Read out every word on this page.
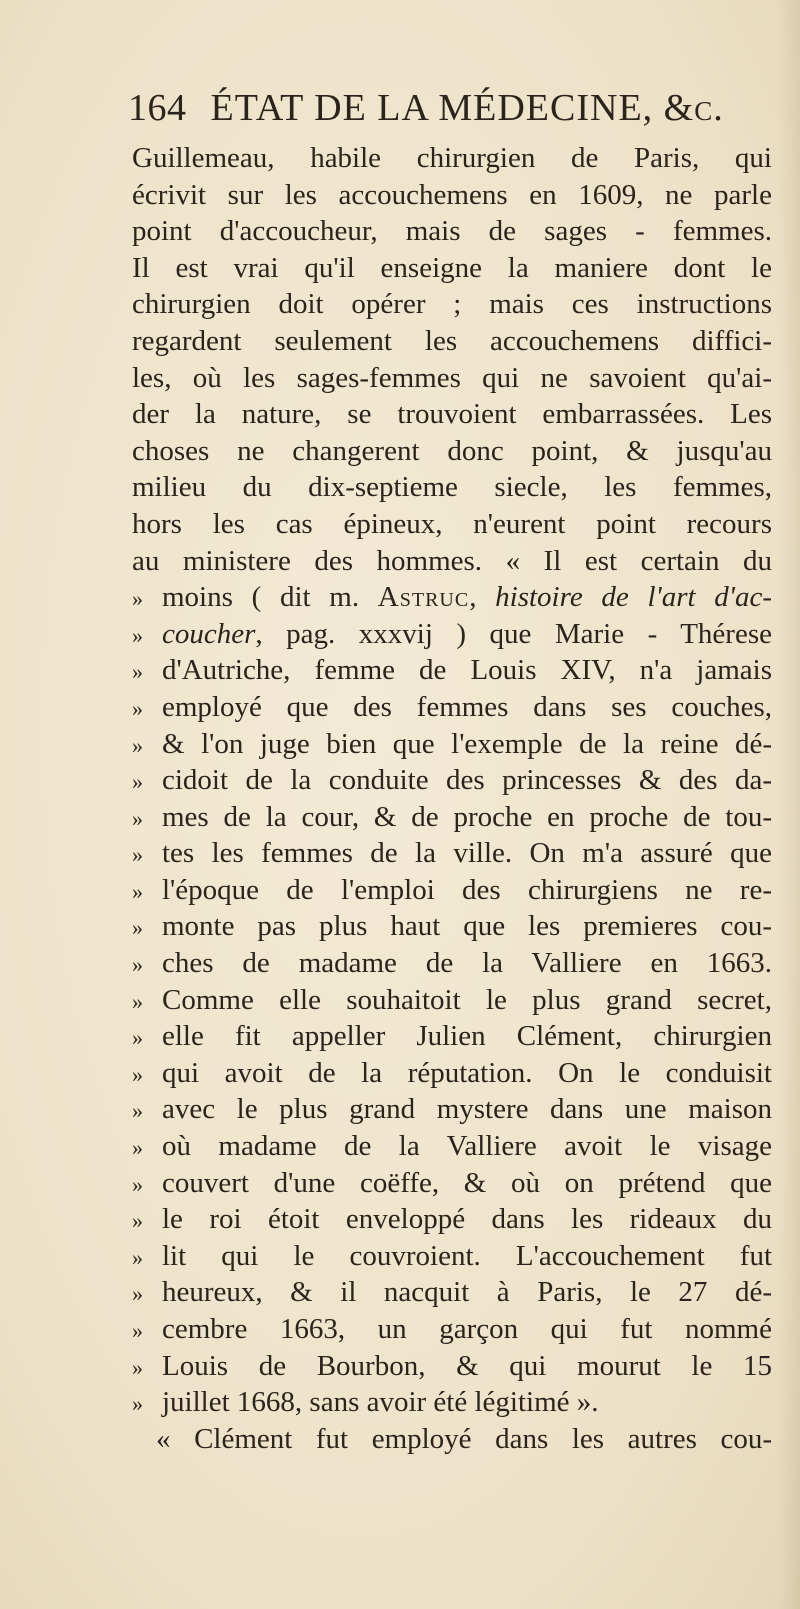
164 ÉTAT DE LA MÉDECINE, &c.
Guillemeau, habile chirurgien de Paris, qui
écrivit sur les accouchemens en 1609, ne parle
point d'accoucheur, mais de sages - femmes.
Il est vrai qu'il enseigne la maniere dont le
chirurgien doit opérer ; mais ces instructions
regardent seulement les accouchemens diffici-
les, où les sages-femmes qui ne savoient qu'ai-
der la nature, se trouvoient embarrassées. Les
choses ne changerent donc point, & jusqu'au
milieu du dix-septieme siecle, les femmes,
hors les cas épineux, n'eurent point recours
au ministere des hommes. « Il est certain du
» moins ( dit m. Astruc, histoire de l'art d'ac-
» coucher, pag. xxxvij ) que Marie - Thérese
» d'Autriche, femme de Louis XIV, n'a jamais
» employé que des femmes dans ses couches,
» & l'on juge bien que l'exemple de la reine dé-
» cidoit de la conduite des princesses & des da-
» mes de la cour, & de proche en proche de tou-
» tes les femmes de la ville. On m'a assuré que
» l'époque de l'emploi des chirurgiens ne re-
» monte pas plus haut que les premieres cou-
» ches de madame de la Valliere en 1663.
» Comme elle souhaitoit le plus grand secret,
» elle fit appeller Julien Clément, chirurgien
» qui avoit de la réputation. On le conduisit
» avec le plus grand mystere dans une maison
» où madame de la Valliere avoit le visage
» couvert d'une coëffe, & où on prétend que
» le roi étoit enveloppé dans les rideaux du
» lit qui le couvroient. L'accouchement fut
» heureux, & il nacquit à Paris, le 27 dé-
» cembre 1663, un garçon qui fut nommé
» Louis de Bourbon, & qui mourut le 15
» juillet 1668, sans avoir été légitimé ».
« Clément fut employé dans les autres cou-
